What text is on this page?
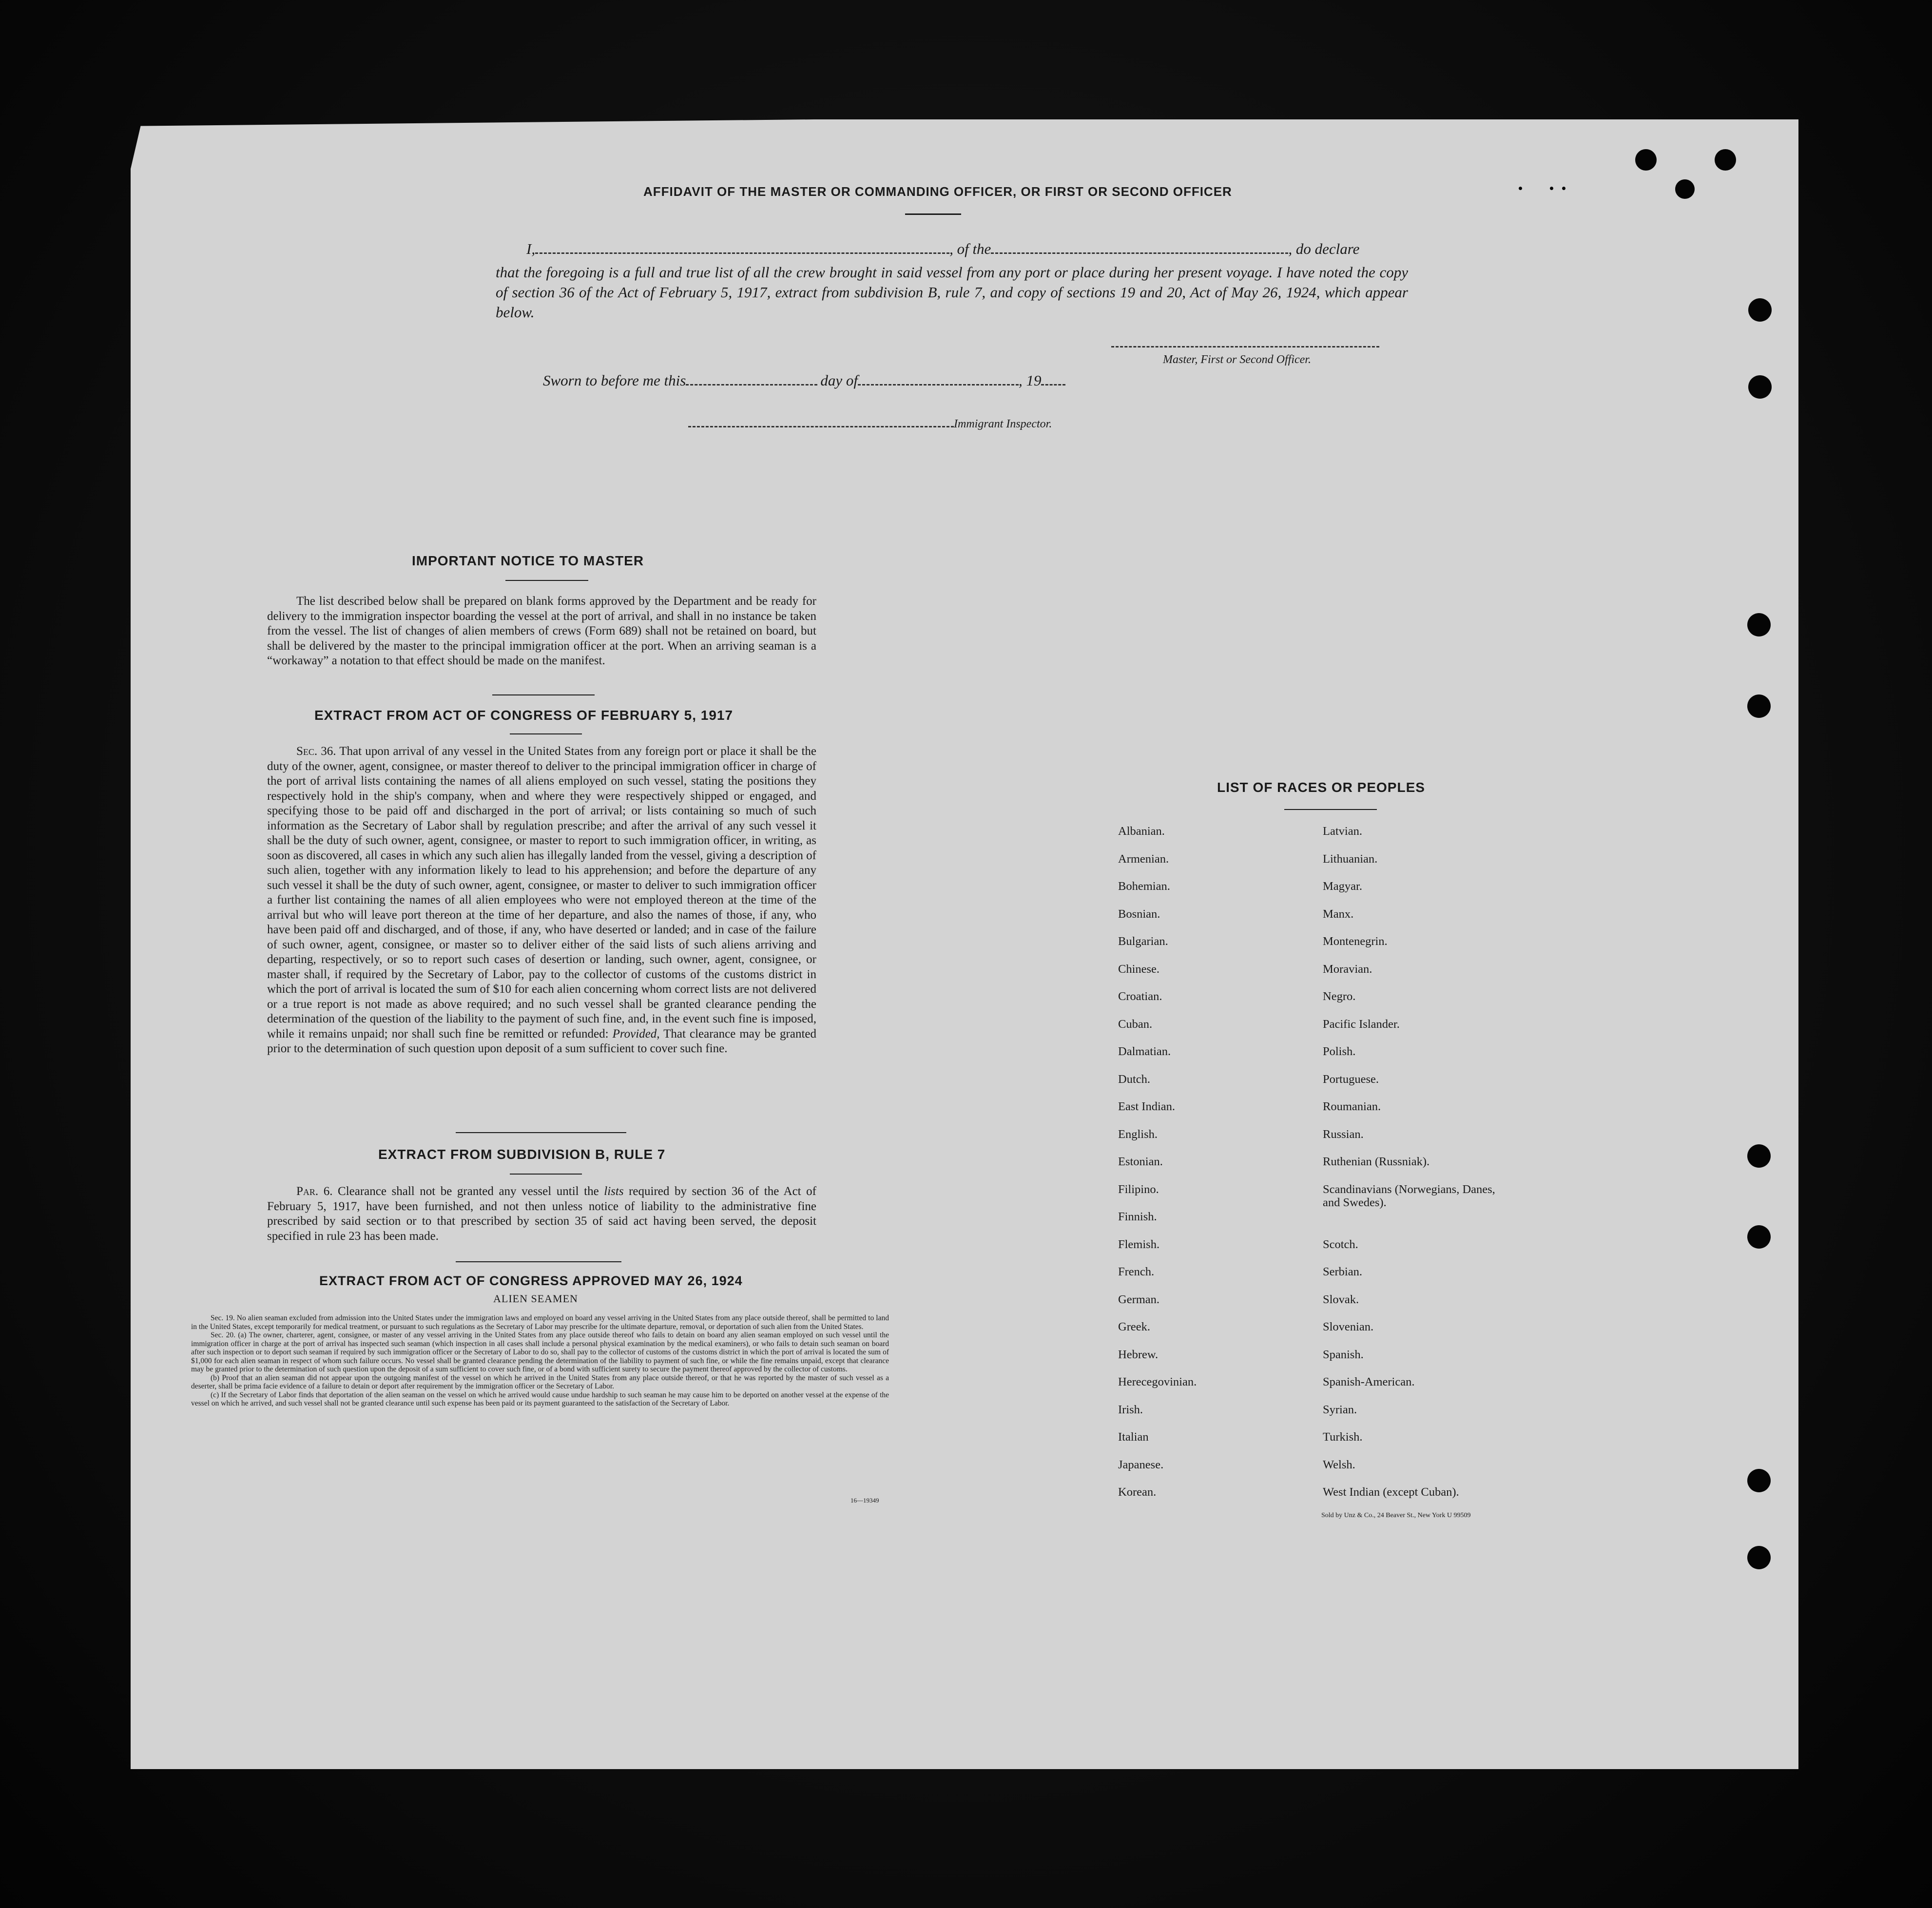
AFFIDAVIT OF THE MASTER OR COMMANDING OFFICER, OR FIRST OR SECOND OFFICER
I,	, of the	, do declare
that the foregoing is a full and true list of all the crew brought in said vessel from any port or place during her present voyage. I have noted the copy of section 36 of the Act of February 5, 1917, extract from subdivision B, rule 7, and copy of sections 19 and 20, Act of May 26, 1924, which appear below.
Master, First or Second Officer.
Sworn to before me this	day of	, 19
Immigrant Inspector.
IMPORTANT NOTICE TO MASTER
The list described below shall be prepared on blank forms approved by the Department and be ready for delivery to the immigration inspector boarding the vessel at the port of arrival, and shall in no instance be taken from the vessel. The list of changes of alien members of crews (Form 689) shall not be retained on board, but shall be delivered by the master to the principal immigration officer at the port. When an arriving seaman is a “workaway” a notation to that effect should be made on the manifest.
EXTRACT FROM ACT OF CONGRESS OF FEBRUARY 5, 1917
Sec. 36. That upon arrival of any vessel in the United States from any foreign port or place it shall be the duty of the owner, agent, consignee, or master thereof to deliver to the principal immigration officer in charge of the port of arrival lists containing the names of all aliens employed on such vessel, stating the positions they respectively hold in the ship's company, when and where they were respectively shipped or engaged, and specifying those to be paid off and discharged in the port of arrival; or lists containing so much of such information as the Secretary of Labor shall by regulation prescribe; and after the arrival of any such vessel it shall be the duty of such owner, agent, consignee, or master to report to such immigration officer, in writing, as soon as discovered, all cases in which any such alien has illegally landed from the vessel, giving a description of such alien, together with any information likely to lead to his apprehension; and before the departure of any such vessel it shall be the duty of such owner, agent, consignee, or master to deliver to such immigration officer a further list containing the names of all alien employees who were not employed thereon at the time of the arrival but who will leave port thereon at the time of her departure, and also the names of those, if any, who have been paid off and discharged, and of those, if any, who have deserted or landed; and in case of the failure of such owner, agent, consignee, or master so to deliver either of the said lists of such aliens arriving and departing, respectively, or so to report such cases of desertion or landing, such owner, agent, consignee, or master shall, if required by the Secretary of Labor, pay to the collector of customs of the customs district in which the port of arrival is located the sum of $10 for each alien concerning whom correct lists are not delivered or a true report is not made as above required; and no such vessel shall be granted clearance pending the determination of the question of the liability to the payment of such fine, and, in the event such fine is imposed, while it remains unpaid; nor shall such fine be remitted or refunded: Provided, That clearance may be granted prior to the determination of such question upon deposit of a sum sufficient to cover such fine.
EXTRACT FROM SUBDIVISION B, RULE 7
Par. 6. Clearance shall not be granted any vessel until the lists required by section 36 of the Act of February 5, 1917, have been furnished, and not then unless notice of liability to the administrative fine prescribed by said section or to that prescribed by section 35 of said act having been served, the deposit specified in rule 23 has been made.
EXTRACT FROM ACT OF CONGRESS APPROVED MAY 26, 1924
ALIEN SEAMEN
Sec. 19. No alien seaman excluded from admission into the United States under the immigration laws and employed on board any vessel arriving in the United States from any place outside thereof, shall be permitted to land in the United States, except temporarily for medical treatment, or pursuant to such regulations as the Secretary of Labor may prescribe for the ultimate departure, removal, or deportation of such alien from the United States.
Sec. 20. (a) The owner, charterer, agent, consignee, or master of any vessel arriving in the United States from any place outside thereof who fails to detain on board any alien seaman employed on such vessel until the immigration officer in charge at the port of arrival has inspected such seaman (which inspection in all cases shall include a personal physical examination by the medical examiners), or who fails to detain such seaman on board after such inspection or to deport such seaman if required by such immigration officer or the Secretary of Labor to do so, shall pay to the collector of customs of the customs district in which the port of arrival is located the sum of $1,000 for each alien seaman in respect of whom such failure occurs. No vessel shall be granted clearance pending the determination of the liability to payment of such fine, or while the fine remains unpaid, except that clearance may be granted prior to the determination of such question upon the deposit of a sum sufficient to cover such fine, or of a bond with sufficient surety to secure the payment thereof approved by the collector of customs.
(b) Proof that an alien seaman did not appear upon the outgoing manifest of the vessel on which he arrived in the United States from any place outside thereof, or that he was reported by the master of such vessel as a deserter, shall be prima facie evidence of a failure to detain or deport after requirement by the immigration officer or the Secretary of Labor.
(c) If the Secretary of Labor finds that deportation of the alien seaman on the vessel on which he arrived would cause undue hardship to such seaman he may cause him to be deported on another vessel at the expense of the vessel on which he arrived, and such vessel shall not be granted clearance until such expense has been paid or its payment guaranteed to the satisfaction of the Secretary of Labor.
16—19349
LIST OF RACES OR PEOPLES
Albanian.	Latvian.
Armenian.	Lithuanian.
Bohemian.	Magyar.
Bosnian.	Manx.
Bulgarian.	Montenegrin.
Chinese.	Moravian.
Croatian.	Negro.
Cuban.	Pacific Islander.
Dalmatian.	Polish.
Dutch.	Portuguese.
East Indian.	Roumanian.
English.	Russian.
Estonian.	Ruthenian (Russniak).
Filipino.	Scandinavians (Norwegians, Danes, and Swedes).
Finnish.
Flemish.	Scotch.
French.	Serbian.
German.	Slovak.
Greek.	Slovenian.
Hebrew.	Spanish.
Herecegovinian.	Spanish-American.
Irish.	Syrian.
Italian	Turkish.
Japanese.	Welsh.
Korean.	West Indian (except Cuban).
Sold by Unz & Co., 24 Beaver St., New York U 99509
